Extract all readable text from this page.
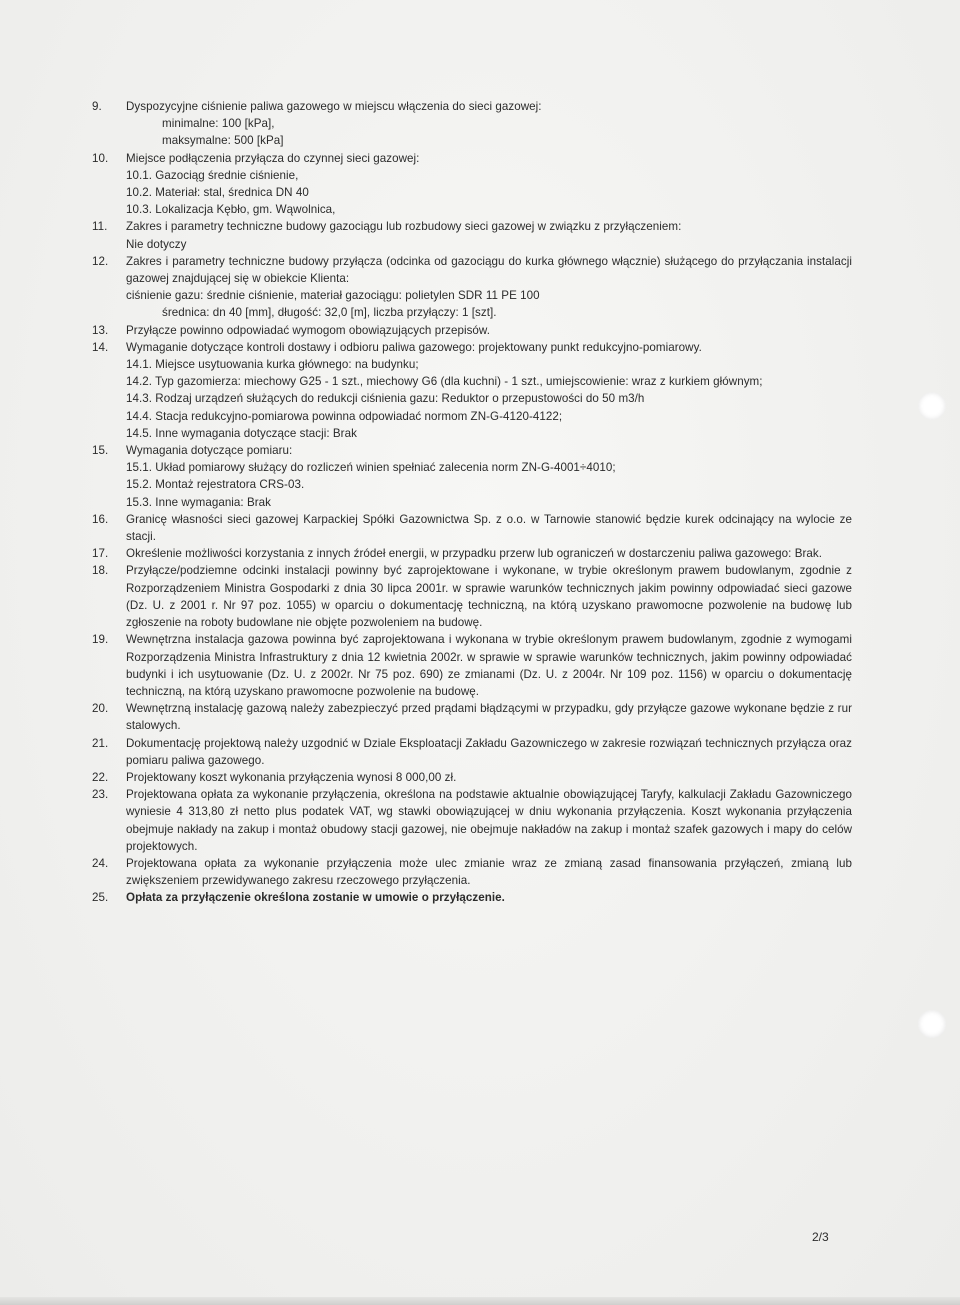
9.	Dyspozycyjne ciśnienie paliwa gazowego w miejscu włączenia do sieci gazowej:
minimalne: 100 [kPa],
maksymalne: 500 [kPa]
10.	Miejsce podłączenia przyłącza do czynnej sieci gazowej:
10.1. Gazociąg średnie ciśnienie,
10.2. Materiał: stal, średnica DN 40
10.3. Lokalizacja Kębło, gm. Wąwolnica,
11.	Zakres i parametry techniczne budowy gazociągu lub rozbudowy sieci gazowej w związku z przyłączeniem:
Nie dotyczy
12.	Zakres i parametry techniczne budowy przyłącza (odcinka od gazociągu do kurka głównego włącznie) służącego do przyłączania instalacji gazowej znajdującej się w obiekcie Klienta:
ciśnienie gazu: średnie ciśnienie, materiał gazociągu: polietylen SDR 11 PE 100
średnica: dn 40 [mm], długość: 32,0 [m], liczba przyłączy: 1 [szt].
13.	Przyłącze powinno odpowiadać wymogom obowiązujących przepisów.
14.	Wymaganie dotyczące kontroli dostawy i odbioru paliwa gazowego: projektowany punkt redukcyjno-pomiarowy.
14.1. Miejsce usytuowania kurka głównego: na budynku;
14.2. Typ gazomierza: miechowy G25 - 1 szt., miechowy G6 (dla kuchni) - 1 szt., umiejscowienie: wraz z kurkiem głównym;
14.3. Rodzaj urządzeń służących do redukcji ciśnienia gazu: Reduktor o przepustowości do 50 m3/h
14.4. Stacja redukcyjno-pomiarowa powinna odpowiadać normom ZN-G-4120-4122;
14.5. Inne wymagania dotyczące stacji: Brak
15.	Wymagania dotyczące pomiaru:
15.1. Układ pomiarowy służący do rozliczeń winien spełniać zalecenia norm ZN-G-4001÷4010;
15.2. Montaż rejestratora CRS-03.
15.3. Inne wymagania: Brak
16.	Granicę własności sieci gazowej Karpackiej Spółki Gazownictwa Sp. z o.o. w Tarnowie stanowić będzie kurek odcinający na wylocie ze stacji.
17.	Określenie możliwości korzystania z innych źródeł energii, w przypadku przerw lub ograniczeń w dostarczeniu paliwa gazowego: Brak.
18.	Przyłącze/podziemne odcinki instalacji powinny być zaprojektowane i wykonane, w trybie określonym prawem budowlanym, zgodnie z Rozporządzeniem Ministra Gospodarki z dnia 30 lipca 2001r. w sprawie warunków technicznych jakim powinny odpowiadać sieci gazowe (Dz. U. z 2001 r. Nr 97 poz. 1055) w oparciu o dokumentację techniczną, na którą uzyskano prawomocne pozwolenie na budowę lub zgłoszenie na roboty budowlane nie objęte pozwoleniem na budowę.
19.	Wewnętrzna instalacja gazowa powinna być zaprojektowana i wykonana w trybie określonym prawem budowlanym, zgodnie z wymogami Rozporządzenia Ministra Infrastruktury z dnia 12 kwietnia 2002r. w sprawie w sprawie warunków technicznych, jakim powinny odpowiadać budynki i ich usytuowanie (Dz. U. z 2002r. Nr 75 poz. 690) ze zmianami (Dz. U. z 2004r. Nr 109 poz. 1156) w oparciu o dokumentację techniczną, na którą uzyskano prawomocne pozwolenie na budowę.
20.	Wewnętrzną instalację gazową należy zabezpieczyć przed prądami błądzącymi w przypadku, gdy przyłącze gazowe wykonane będzie z rur stalowych.
21.	Dokumentację projektową należy uzgodnić w Dziale Eksploatacji Zakładu Gazowniczego w zakresie rozwiązań technicznych przyłącza oraz pomiaru paliwa gazowego.
22.	Projektowany koszt wykonania przyłączenia wynosi 8 000,00 zł.
23.	Projektowana opłata za wykonanie przyłączenia, określona na podstawie aktualnie obowiązującej Taryfy, kalkulacji Zakładu Gazowniczego wyniesie 4 313,80 zł netto plus podatek VAT, wg stawki obowiązującej w dniu wykonania przyłączenia. Koszt wykonania przyłączenia obejmuje nakłady na zakup i montaż obudowy stacji gazowej, nie obejmuje nakładów na zakup i montaż szafek gazowych i mapy do celów projektowych.
24.	Projektowana opłata za wykonanie przyłączenia może ulec zmianie wraz ze zmianą zasad finansowania przyłączeń, zmianą lub zwiększeniem przewidywanego zakresu rzeczowego przyłączenia.
25.	Opłata za przyłączenie określona zostanie w umowie o przyłączenie.
2/3
